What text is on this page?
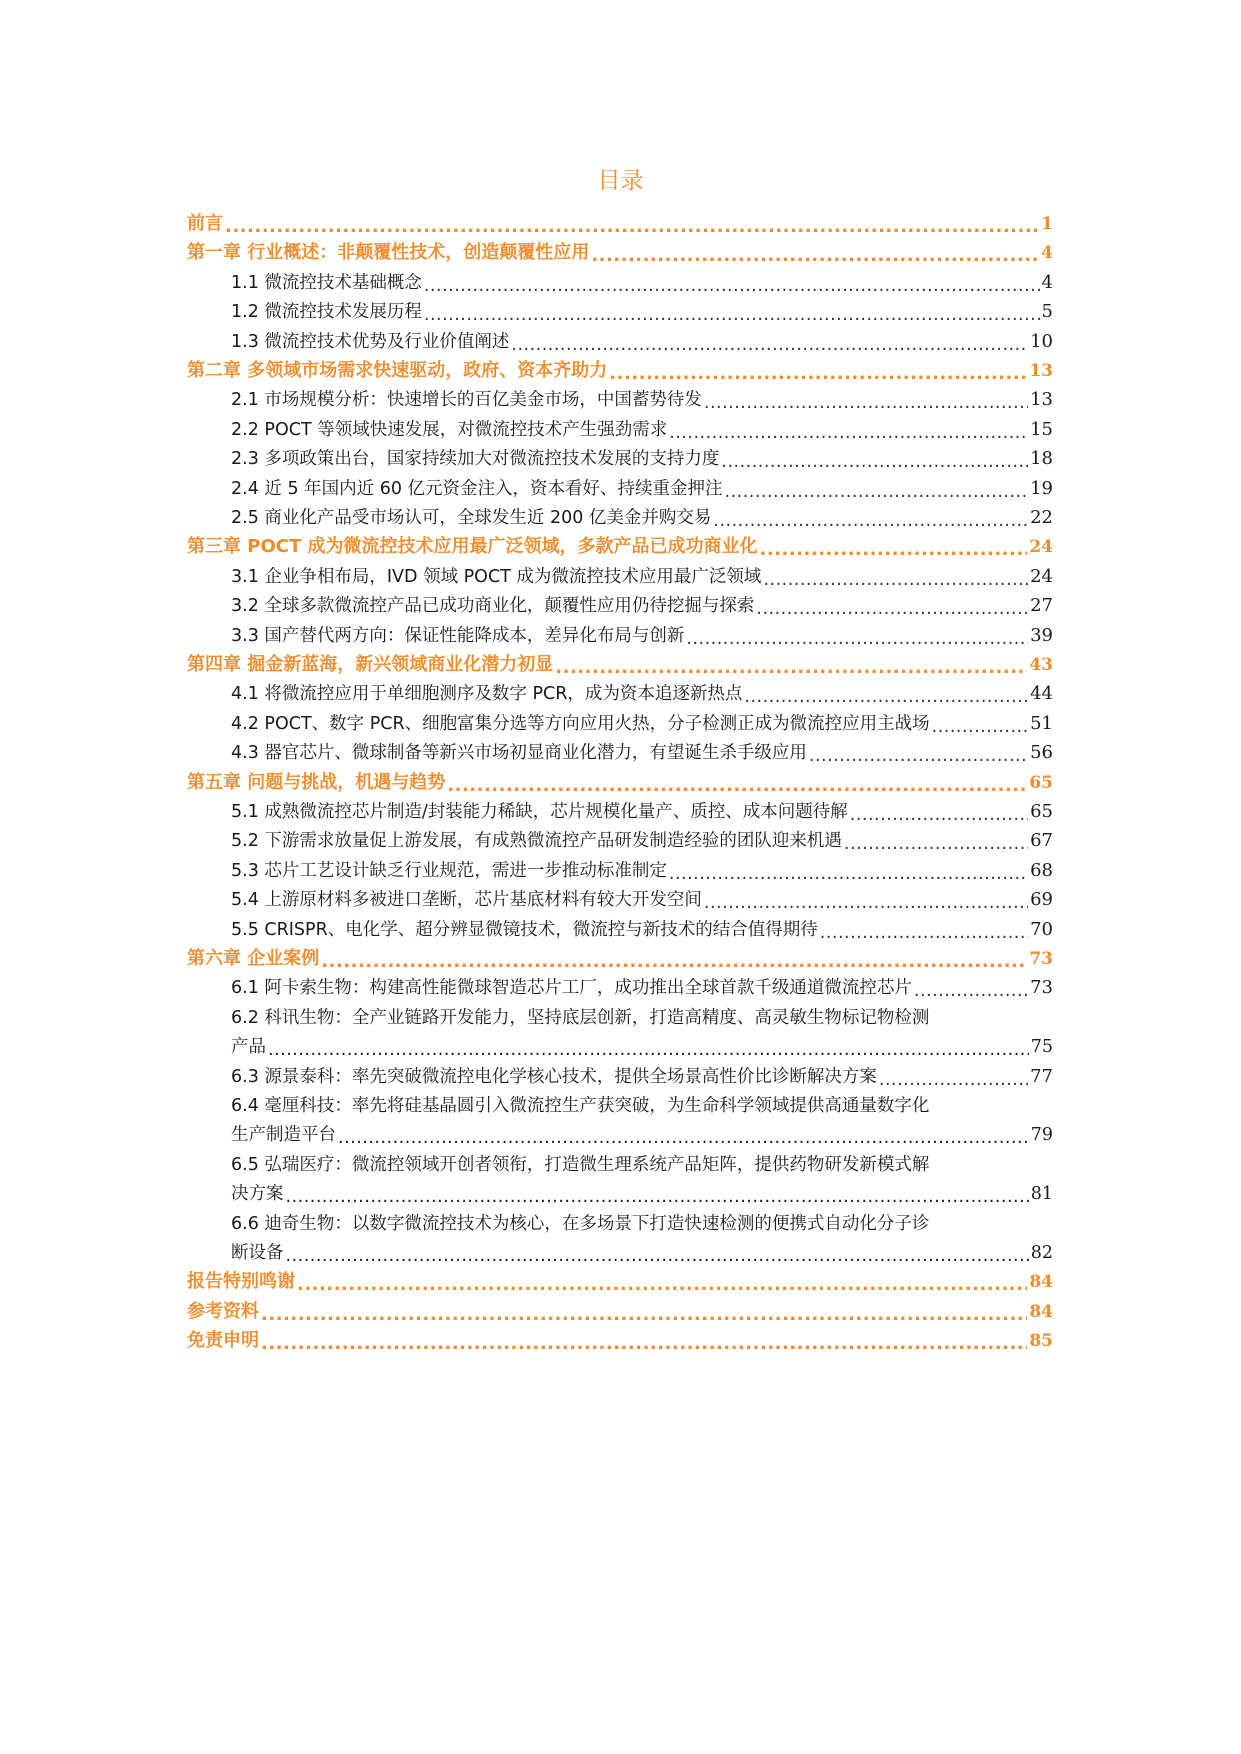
目录
前言 .....	1
第一章 行业概述：非颠覆性技术，创造颠覆性应用 .....	4
1.1 微流控技术基础概念 .....	4
1.2 微流控技术发展历程 .....	5
1.3 微流控技术优势及行业价值阐述 .....	10
第二章 多领域市场需求快速驱动，政府、资本齐助力 .....	13
2.1 市场规模分析：快速增长的百亿美金市场，中国蓄势待发 .....	13
2.2 POCT 等领域快速发展，对微流控技术产生强劲需求 .....	15
2.3 多项政策出台，国家持续加大对微流控技术发展的支持力度 .....	18
2.4 近 5 年国内近 60 亿元资金注入，资本看好、持续重金押注 .....	19
2.5 商业化产品受市场认可，全球发生近 200 亿美金并购交易 .....	22
第三章 POCT 成为微流控技术应用最广泛领域，多款产品已成功商业化 .....	24
3.1 企业争相布局，IVD 领域 POCT 成为微流控技术应用最广泛领域 .....	24
3.2 全球多款微流控产品已成功商业化，颠覆性应用仍待挖掘与探索 .....	27
3.3 国产替代两方向：保证性能降成本，差异化布局与创新 .....	39
第四章 掘金新蓝海，新兴领域商业化潜力初显 .....	43
4.1 将微流控应用于单细胞测序及数字 PCR，成为资本追逐新热点 .....	44
4.2 POCT、数字 PCR、细胞富集分选等方向应用火热，分子检测正成为微流控应用主战场 .....	51
4.3 器官芯片、微球制备等新兴市场初显商业化潜力，有望诞生杀手级应用 .....	56
第五章 问题与挑战，机遇与趋势 .....	65
5.1 成熟微流控芯片制造/封装能力稀缺，芯片规模化量产、质控、成本问题待解 .....	65
5.2 下游需求放量促上游发展，有成熟微流控产品研发制造经验的团队迎来机遇 .....	67
5.3 芯片工艺设计缺乏行业规范，需进一步推动标准制定 .....	68
5.4 上游原材料多被进口垄断，芯片基底材料有较大开发空间 .....	69
5.5 CRISPR、电化学、超分辨显微镜技术，微流控与新技术的结合值得期待 .....	70
第六章 企业案例 .....	73
6.1 阿卡索生物：构建高性能微球智造芯片工厂，成功推出全球首款千级通道微流控芯片 .....	73
6.2 科讯生物：全产业链路开发能力，坚持底层创新，打造高精度、高灵敏生物标记物检测
产品 .....	75
6.3 源景泰科：率先突破微流控电化学核心技术，提供全场景高性价比诊断解决方案 .....	77
6.4 毫厘科技：率先将硅基晶圆引入微流控生产获突破，为生命科学领域提供高通量数字化
生产制造平台 .....	79
6.5 弘瑞医疗：微流控领域开创者领衔，打造微生理系统产品矩阵，提供药物研发新模式解
决方案 .....	81
6.6 迪奇生物：以数字微流控技术为核心，在多场景下打造快速检测的便携式自动化分子诊
断设备 .....	82
报告特别鸣谢 .....	84
参考资料 .....	84
免责申明 .....	85
